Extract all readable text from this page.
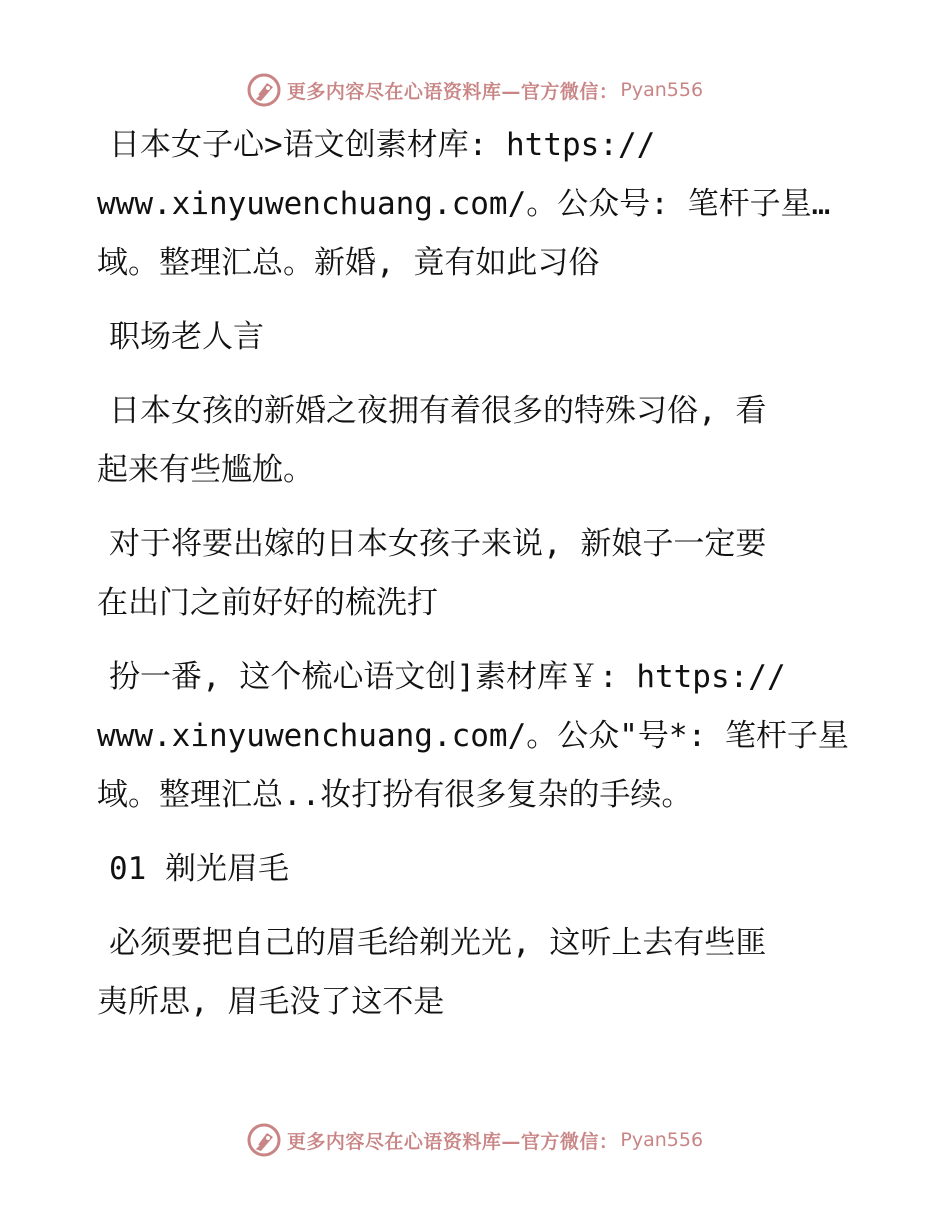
更多内容尽在心语资料库—官方微信： Pyan556

日本女子心>语文创素材库: https://
www.xinyuwenchuang.com/。公众号: 笔杆子星…
域。整理汇总。新婚, 竟有如此习俗

职场老人言

日本女孩的新婚之夜拥有着很多的特殊习俗, 看
起来有些尴尬。

对于将要出嫁的日本女孩子来说, 新娘子一定要
在出门之前好好的梳洗打

扮一番, 这个梳心语文创]素材库￥: https://
www.xinyuwenchuang.com/。公众"号*: 笔杆子星
域。整理汇总..妆打扮有很多复杂的手续。

01 剃光眉毛

必须要把自己的眉毛给剃光光, 这听上去有些匪
夷所思, 眉毛没了这不是

更多内容尽在心语资料库—官方微信： Pyan556
